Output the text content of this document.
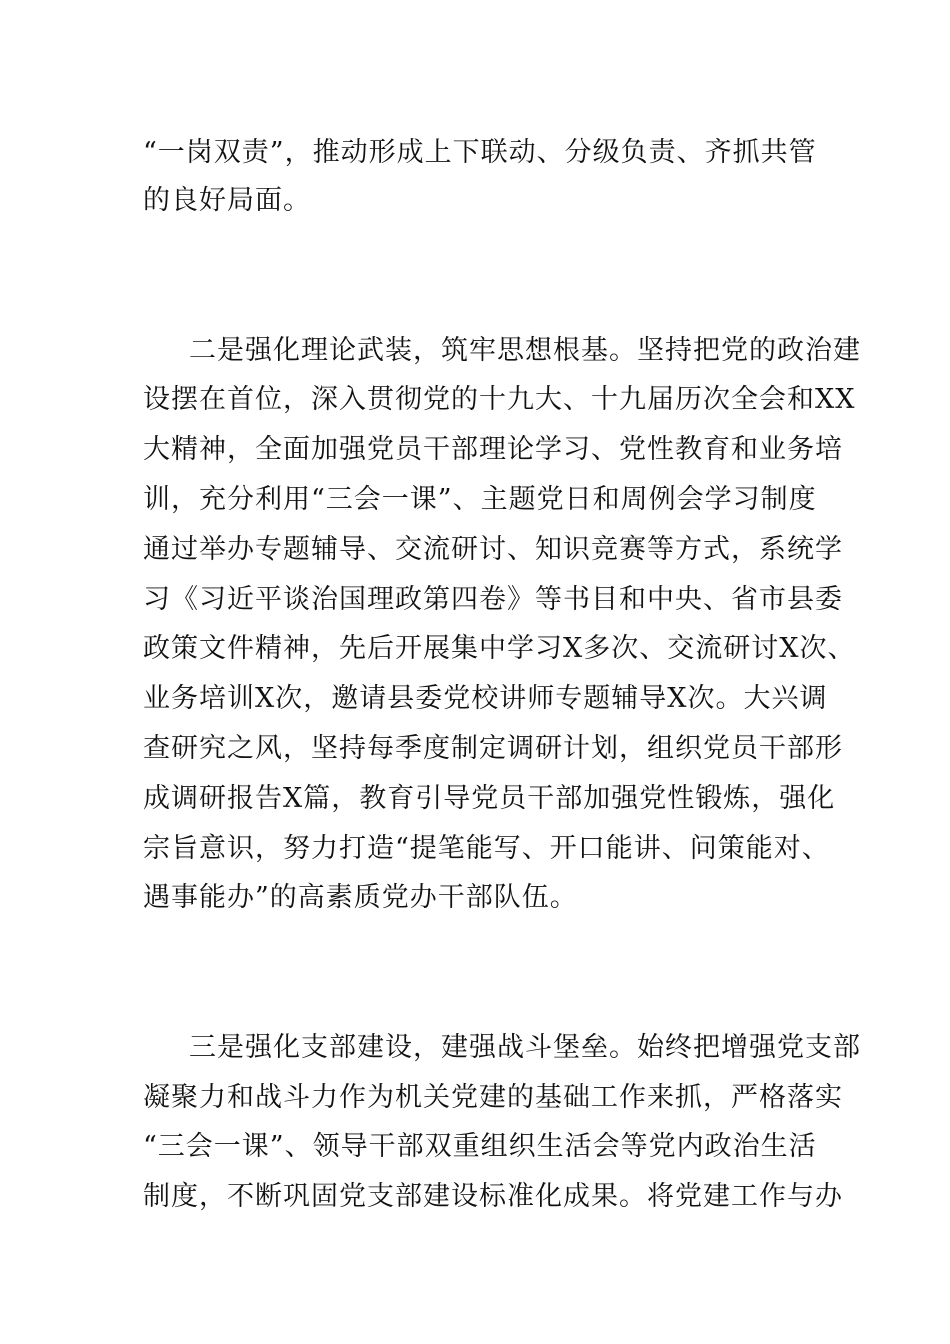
“一岗双责”，推动形成上下联动、分级负责、齐抓共管
的良好局面。
二是强化理论武装，筑牢思想根基。坚持把党的政治建
设摆在首位，深入贯彻党的十九大、十九届历次全会和XX
大精神，全面加强党员干部理论学习、党性教育和业务培
训，充分利用“三会一课”、主题党日和周例会学习制度
通过举办专题辅导、交流研讨、知识竞赛等方式，系统学
习《习近平谈治国理政第四卷》等书目和中央、省市县委
政策文件精神，先后开展集中学习X多次、交流研讨X次、
业务培训X次，邀请县委党校讲师专题辅导X次。大兴调
查研究之风，坚持每季度制定调研计划，组织党员干部形
成调研报告X篇，教育引导党员干部加强党性锻炼，强化
宗旨意识，努力打造“提笔能写、开口能讲、问策能对、
遇事能办”的高素质党办干部队伍。
三是强化支部建设，建强战斗堡垒。始终把增强党支部
凝聚力和战斗力作为机关党建的基础工作来抓，严格落实
“三会一课”、领导干部双重组织生活会等党内政治生活
制度，不断巩固党支部建设标准化成果。将党建工作与办
